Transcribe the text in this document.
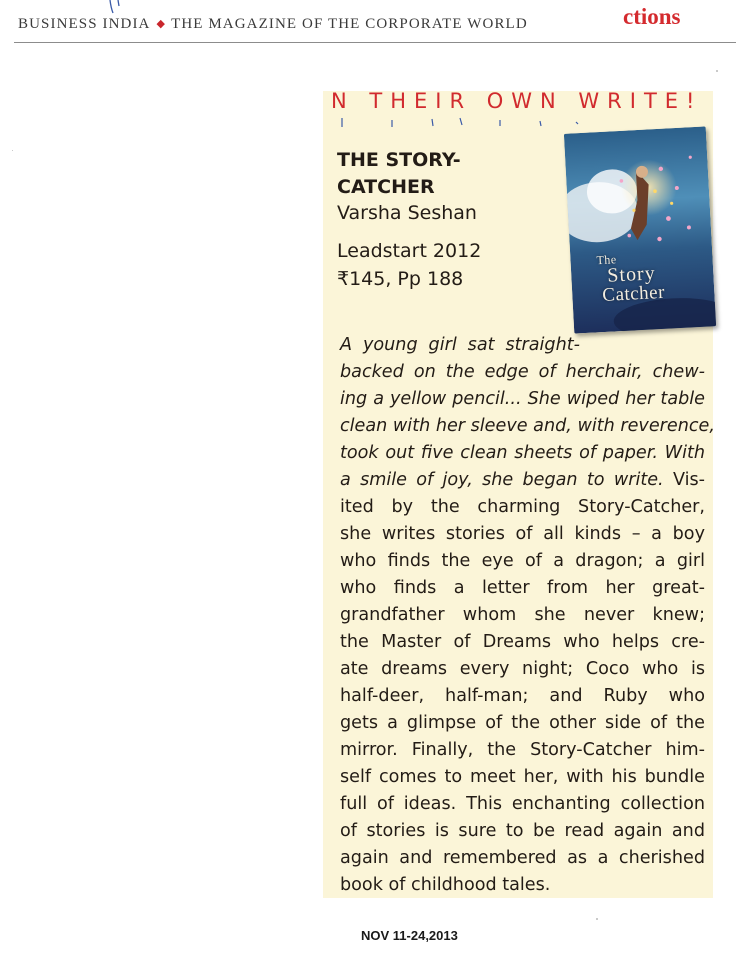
BUSINESS INDIA ◆ THE MAGAZINE OF THE CORPORATE WORLD	ctions
N THEIR OWN WRITE!
THE STORY-
CATCHER
Varsha Seshan
Leadstart 2012
₹145, Pp 188
The
Story
Catcher
A young girl sat straight-
backed on the edge of herchair, chew-
ing a yellow pencil... She wiped her table
clean with her sleeve and, with reverence,
took out five clean sheets of paper. With
a smile of joy, she began to write. Vis-
ited by the charming Story-Catcher,
she writes stories of all kinds – a boy
who finds the eye of a dragon; a girl
who finds a letter from her great-
grandfather whom she never knew;
the Master of Dreams who helps cre-
ate dreams every night; Coco who is
half-deer, half-man; and Ruby who
gets a glimpse of the other side of the
mirror. Finally, the Story-Catcher him-
self comes to meet her, with his bundle
full of ideas. This enchanting collection
of stories is sure to be read again and
again and remembered as a cherished
book of childhood tales.
NOV 11-24,2013
